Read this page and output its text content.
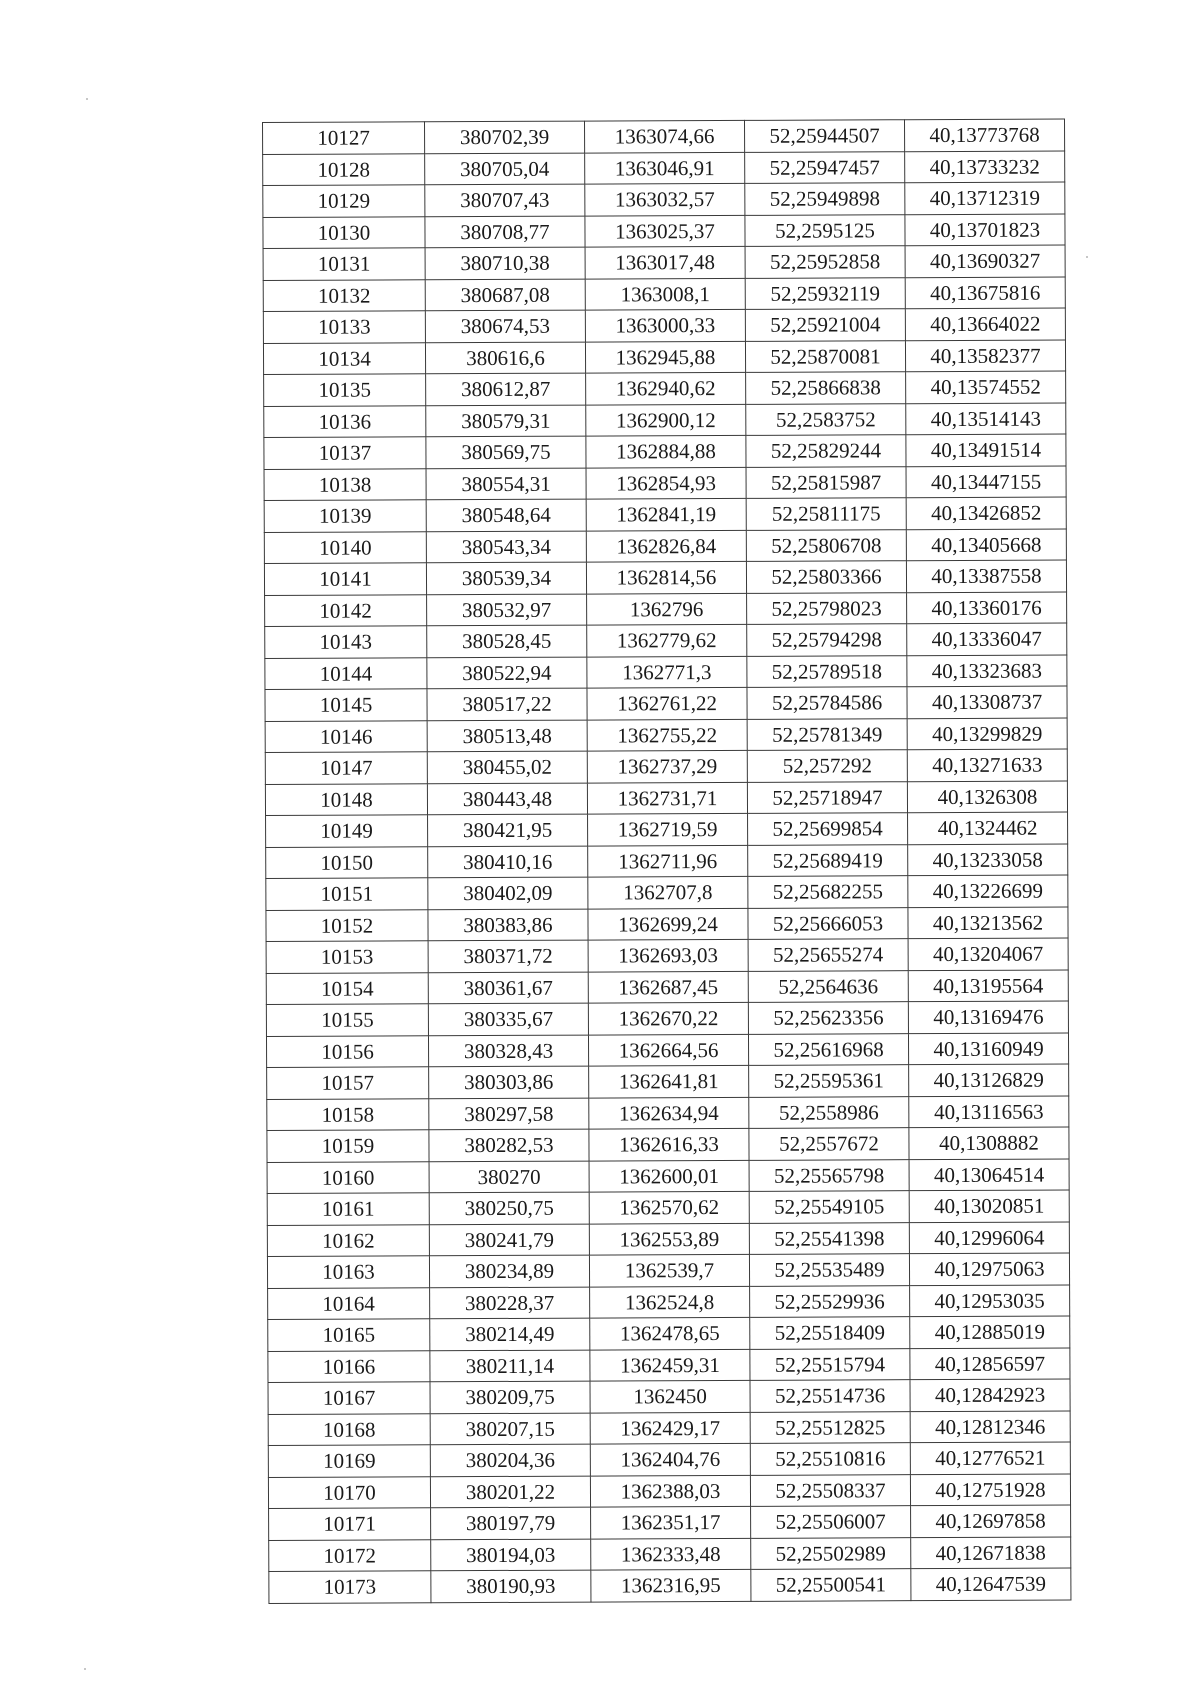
10127	380702,39	1363074,66	52,25944507	40,13773768
10128	380705,04	1363046,91	52,25947457	40,13733232
10129	380707,43	1363032,57	52,25949898	40,13712319
10130	380708,77	1363025,37	52,2595125	40,13701823
10131	380710,38	1363017,48	52,25952858	40,13690327
10132	380687,08	1363008,1	52,25932119	40,13675816
10133	380674,53	1363000,33	52,25921004	40,13664022
10134	380616,6	1362945,88	52,25870081	40,13582377
10135	380612,87	1362940,62	52,25866838	40,13574552
10136	380579,31	1362900,12	52,2583752	40,13514143
10137	380569,75	1362884,88	52,25829244	40,13491514
10138	380554,31	1362854,93	52,25815987	40,13447155
10139	380548,64	1362841,19	52,25811175	40,13426852
10140	380543,34	1362826,84	52,25806708	40,13405668
10141	380539,34	1362814,56	52,25803366	40,13387558
10142	380532,97	1362796	52,25798023	40,13360176
10143	380528,45	1362779,62	52,25794298	40,13336047
10144	380522,94	1362771,3	52,25789518	40,13323683
10145	380517,22	1362761,22	52,25784586	40,13308737
10146	380513,48	1362755,22	52,25781349	40,13299829
10147	380455,02	1362737,29	52,257292	40,13271633
10148	380443,48	1362731,71	52,25718947	40,1326308
10149	380421,95	1362719,59	52,25699854	40,1324462
10150	380410,16	1362711,96	52,25689419	40,13233058
10151	380402,09	1362707,8	52,25682255	40,13226699
10152	380383,86	1362699,24	52,25666053	40,13213562
10153	380371,72	1362693,03	52,25655274	40,13204067
10154	380361,67	1362687,45	52,2564636	40,13195564
10155	380335,67	1362670,22	52,25623356	40,13169476
10156	380328,43	1362664,56	52,25616968	40,13160949
10157	380303,86	1362641,81	52,25595361	40,13126829
10158	380297,58	1362634,94	52,2558986	40,13116563
10159	380282,53	1362616,33	52,2557672	40,1308882
10160	380270	1362600,01	52,25565798	40,13064514
10161	380250,75	1362570,62	52,25549105	40,13020851
10162	380241,79	1362553,89	52,25541398	40,12996064
10163	380234,89	1362539,7	52,25535489	40,12975063
10164	380228,37	1362524,8	52,25529936	40,12953035
10165	380214,49	1362478,65	52,25518409	40,12885019
10166	380211,14	1362459,31	52,25515794	40,12856597
10167	380209,75	1362450	52,25514736	40,12842923
10168	380207,15	1362429,17	52,25512825	40,12812346
10169	380204,36	1362404,76	52,25510816	40,12776521
10170	380201,22	1362388,03	52,25508337	40,12751928
10171	380197,79	1362351,17	52,25506007	40,12697858
10172	380194,03	1362333,48	52,25502989	40,12671838
10173	380190,93	1362316,95	52,25500541	40,12647539
